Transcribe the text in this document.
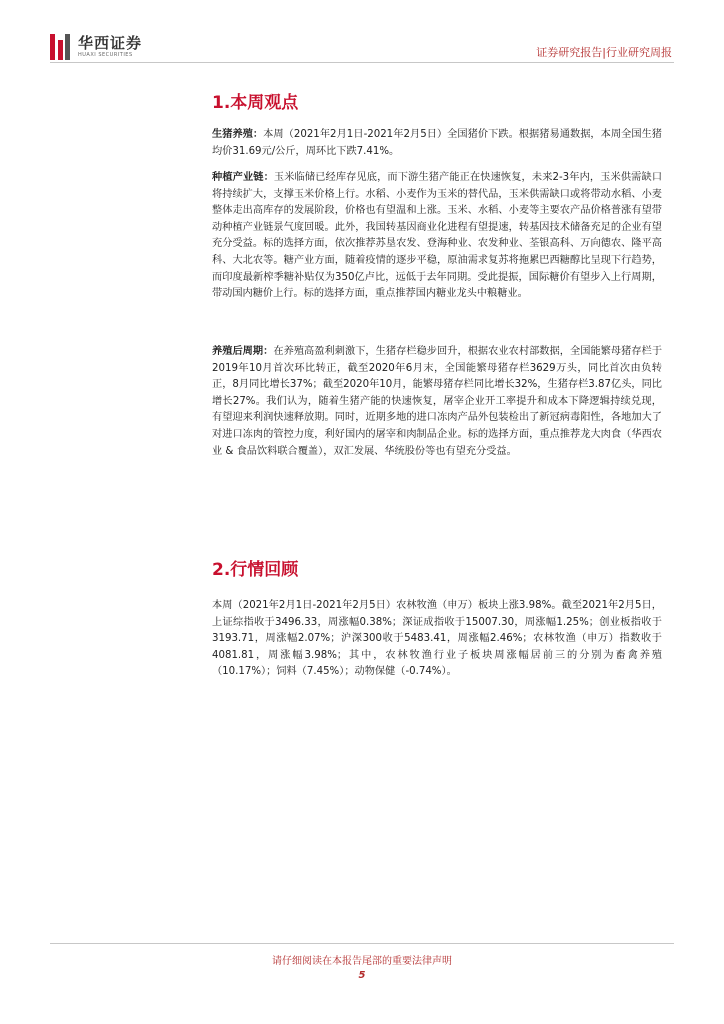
华西证券
HUAXI SECURITIES	证券研究报告|行业研究周报
1.本周观点

生猪养殖：本周（2021年2月1日-2021年2月5日）全国猪价下跌。根据猪易通数据，本周全国生猪均价31.69元/公斤，周环比下跌7.41%。

种植产业链：玉米临储已经库存见底，而下游生猪产能正在快速恢复，未来2-3年内，玉米供需缺口将持续扩大，支撑玉米价格上行。水稻、小麦作为玉米的替代品，玉米供需缺口或将带动水稻、小麦整体走出高库存的发展阶段，价格也有望温和上涨。玉米、水稻、小麦等主要农产品价格普涨有望带动种植产业链景气度回暖。此外，我国转基因商业化进程有望提速，转基因技术储备充足的企业有望充分受益。标的选择方面，依次推荐苏垦农发、登海种业、农发种业、荃银高科、万向德农、隆平高科、大北农等。糖产业方面，随着疫情的逐步平稳，原油需求复苏将拖累巴西糖醇比呈现下行趋势，而印度最新榨季糖补贴仅为350亿卢比，远低于去年同期。受此提振，国际糖价有望步入上行周期，带动国内糖价上行。标的选择方面，重点推荐国内糖业龙头中粮糖业。

养殖后周期：在养殖高盈利刺激下，生猪存栏稳步回升，根据农业农村部数据，全国能繁母猪存栏于2019年10月首次环比转正，截至2020年6月末，全国能繁母猪存栏3629万头，同比首次由负转正，8月同比增长37%；截至2020年10月，能繁母猪存栏同比增长32%，生猪存栏3.87亿头，同比增长27%。我们认为，随着生猪产能的快速恢复，屠宰企业开工率提升和成本下降逻辑持续兑现，有望迎来利润快速释放期。同时，近期多地的进口冻肉产品外包装检出了新冠病毒阳性，各地加大了对进口冻肉的管控力度，利好国内的屠宰和肉制品企业。标的选择方面，重点推荐龙大肉食（华西农业 & 食品饮料联合覆盖），双汇发展、华统股份等也有望充分受益。

2.行情回顾

本周（2021年2月1日-2021年2月5日）农林牧渔（申万）板块上涨3.98%。截至2021年2月5日，上证综指收于3496.33，周涨幅0.38%；深证成指收于15007.30，周涨幅1.25%；创业板指收于3193.71，周涨幅2.07%；沪深300收于5483.41，周涨幅2.46%；农林牧渔（申万）指数收于4081.81，周涨幅3.98%；其中，农林牧渔行业子板块周涨幅居前三的分别为畜禽养殖（10.17%）；饲料（7.45%）；动物保健（-0.74%）。

请仔细阅读在本报告尾部的重要法律声明
5
